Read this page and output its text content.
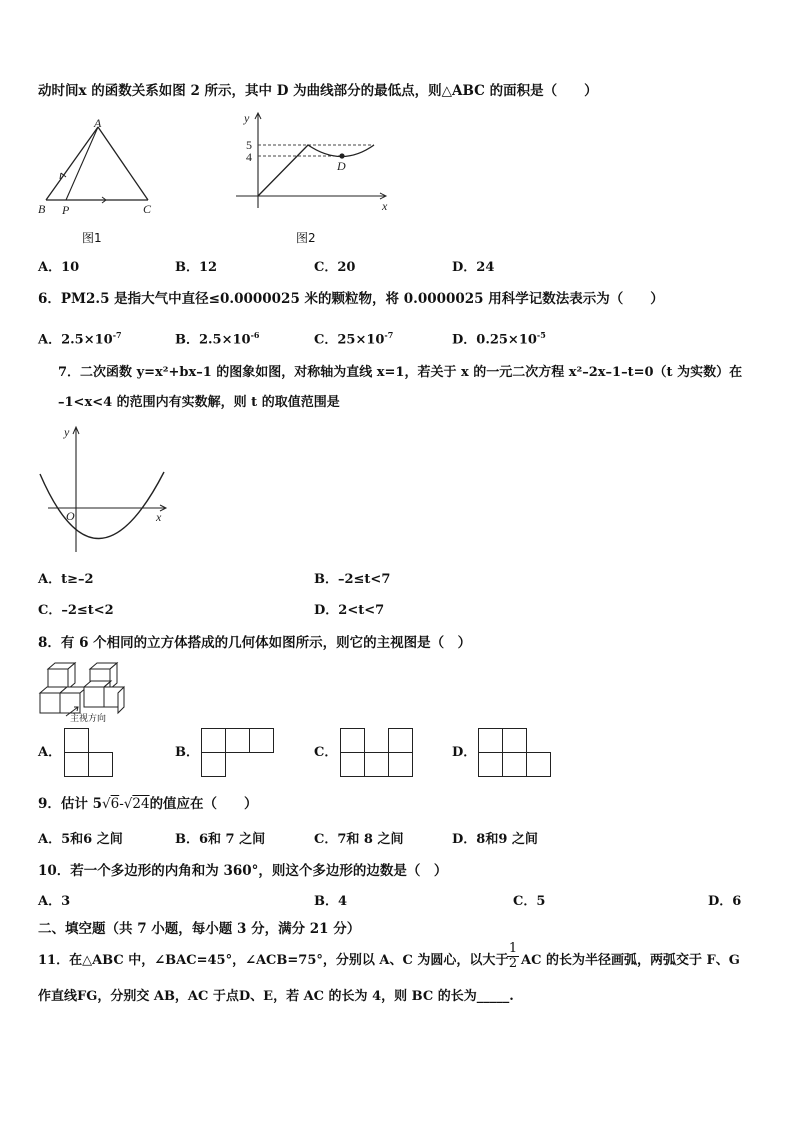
动时间x 的函数关系如图 2 所示，其中 D 为曲线部分的最低点，则△ABC 的面积是（　　）
A
B P	C
图1
y
5
4
D
x
图2
A．10	B．12	C．20	D．24
6．PM2.5 是指大气中直径≤0.0000025 米的颗粒物，将 0.0000025 用科学记数法表示为（　　）
A．$2.5\times 10^{-7}$	B．$2.5\times 10^{-6}$	C．$25\times 10^{-7}$	D．$0.25\times 10^{-5}$
7．二次函数 y=x²+bx–1 的图象如图，对称轴为直线 x=1，若关于 x 的一元二次方程 x²–2x–1–t=0（t 为实数）在
–1<x<4 的范围内有实数解，则 t 的取值范围是
y
O	x
A．t≥–2	B．–2≤t<7
C．–2≤t<2	D．2<t<7
8．有 6 个相同的立方体搭成的几何体如图所示，则它的主视图是（　）
主视方向
A．	B．	C．	D．
9．估计 5√6-√24的值应在（　　）
A．5和6 之间	B．6和 7 之间	C．7和 8 之间	D．8和9 之间
10．若一个多边形的内角和为 360°，则这个多边形的边数是（　）
A．3	B．4	C．5	D．6
二、填空题（共 7 小题，每小题 3 分，满分 21 分）
11．在△ABC 中，∠BAC=45°，∠ACB=75°，分别以 A、C 为圆心，以大于
$\frac{1}{2}$ AC 的长为半径画弧，两弧交于 F、G
作直线FG，分别交 AB，AC 于点D、E，若 AC 的长为 4，则 BC 的长为_____.
